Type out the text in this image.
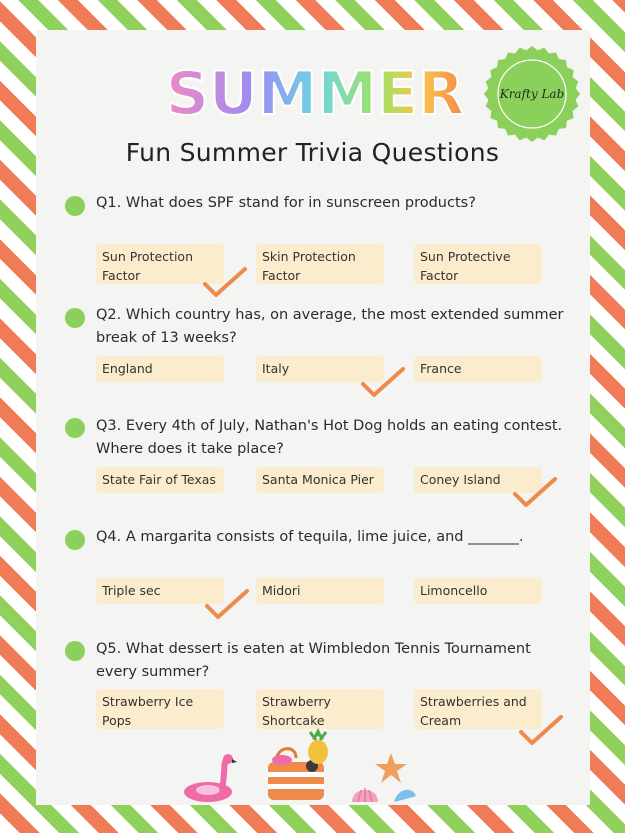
SUMMER	Krafty Lab
Fun Summer Trivia Questions
Q1. What does SPF stand for in sunscreen products?
Sun Protection Factor
Skin Protection Factor
Sun Protective Factor
Q2. Which country has, on average, the most extended summer break of 13 weeks?
England	Italy	France
Q3. Every 4th of July, Nathan's Hot Dog holds an eating contest. Where does it take place?
State Fair of Texas	Santa Monica Pier	Coney Island
Q4. A margarita consists of tequila, lime juice, and _______.
Triple sec	Midori	Limoncello
Q5. What dessert is eaten at Wimbledon Tennis Tournament every summer?
Strawberry Ice Pops
Strawberry Shortcake
Strawberries and Cream
